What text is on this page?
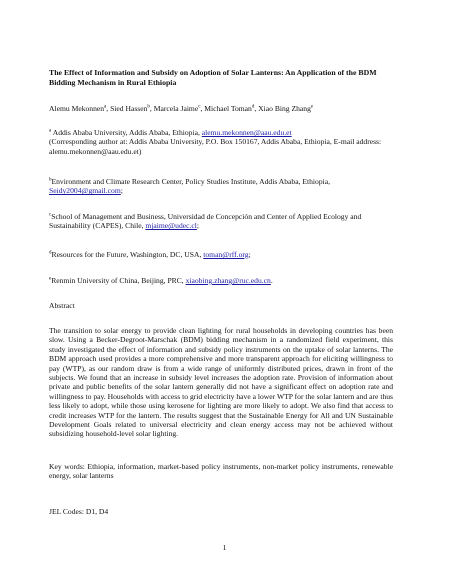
The Effect of Information and Subsidy on Adoption of Solar Lanterns: An Application of the BDM Bidding Mechanism in Rural Ethiopia
Alemu Mekonnen$^a$, Sied Hassen$^b$, Marcela Jaime$^c$, Michael Toman$^d$, Xiao Bing Zhang$^e$
$^a$ Addis Ababa University, Addis Ababa, Ethiopia, alemu.mekonnen@aau.edu.et
(Corresponding author at: Addis Ababa University, P.O. Box 150167, Addis Ababa, Ethiopia, E-mail address: alemu.mekonnen@aau.edu.et)
$^b$Environment and Climate Research Center, Policy Studies Institute, Addis Ababa, Ethiopia,
Seidy2004@gmail.com;
$^c$School of Management and Business, Universidad de Concepción and Center of Applied Ecology and Sustainability (CAPES), Chile, mjaime@udec.cl;
$^d$Resources for the Future, Washington, DC, USA, toman@rff.org;
$^e$Renmin University of China, Beijing, PRC, xiaobing.zhang@ruc.edu.cn.
Abstract
The transition to solar energy to provide clean lighting for rural households in developing countries has been slow. Using a Becker-Degroot-Marschak (BDM) bidding mechanism in a randomized field experiment, this study investigated the effect of information and subsidy policy instruments on the uptake of solar lanterns. The BDM approach used provides a more comprehensive and more transparent approach for eliciting willingness to pay (WTP), as our random draw is from a wide range of uniformly distributed prices, drawn in front of the subjects. We found that an increase in subsidy level increases the adoption rate. Provision of information about private and public benefits of the solar lantern generally did not have a significant effect on adoption rate and willingness to pay. Households with access to grid electricity have a lower WTP for the solar lantern and are thus less likely to adopt, while those using kerosene for lighting are more likely to adopt. We also find that access to credit increases WTP for the lantern. The results suggest that the Sustainable Energy for All and UN Sustainable Development Goals related to universal electricity and clean energy access may not be achieved without subsidizing household-level solar lighting.
Key words: Ethiopia, information, market-based policy instruments, non-market policy instruments, renewable energy, solar lanterns
JEL Codes: D1, D4
1
